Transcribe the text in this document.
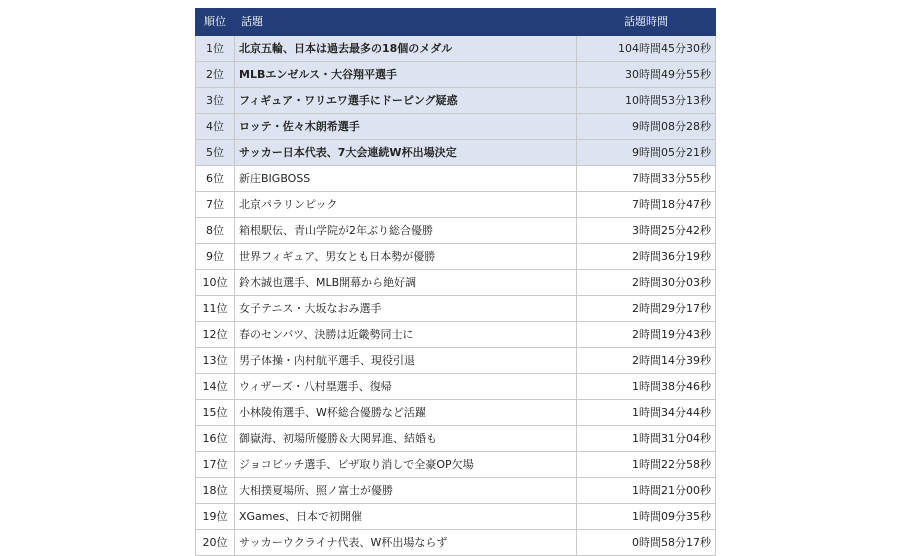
順位	話題	話題時間
1位	北京五輪、日本は過去最多の18個のメダル	104時間45分30秒
2位	MLBエンゼルス・大谷翔平選手	30時間49分55秒
3位	フィギュア・ワリエワ選手にドーピング疑惑	10時間53分13秒
4位	ロッテ・佐々木朗希選手	9時間08分28秒
5位	サッカー日本代表、7大会連続W杯出場決定	9時間05分21秒
6位	新庄BIGBOSS	7時間33分55秒
7位	北京パラリンピック	7時間18分47秒
8位	箱根駅伝、青山学院が2年ぶり総合優勝	3時間25分42秒
9位	世界フィギュア、男女とも日本勢が優勝	2時間36分19秒
10位	鈴木誠也選手、MLB開幕から絶好調	2時間30分03秒
11位	女子テニス・大坂なおみ選手	2時間29分17秒
12位	春のセンバツ、決勝は近畿勢同士に	2時間19分43秒
13位	男子体操・内村航平選手、現役引退	2時間14分39秒
14位	ウィザーズ・八村塁選手、復帰	1時間38分46秒
15位	小林陵侑選手、W杯総合優勝など活躍	1時間34分44秒
16位	御嶽海、初場所優勝＆大関昇進、結婚も	1時間31分04秒
17位	ジョコビッチ選手、ビザ取り消しで全豪OP欠場	1時間22分58秒
18位	大相撲夏場所、照ノ富士が優勝	1時間21分00秒
19位	XGames、日本で初開催	1時間09分35秒
20位	サッカーウクライナ代表、W杯出場ならず	0時間58分17秒
